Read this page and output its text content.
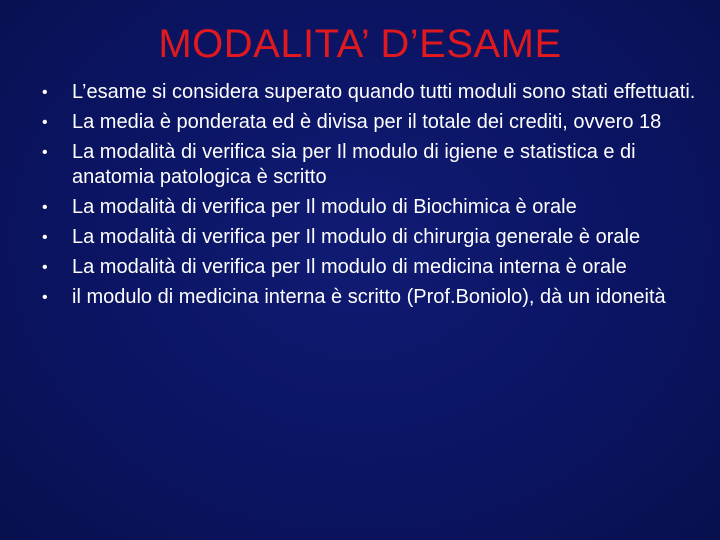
MODALITA’ D’ESAME
• L’esame si considera superato quando tutti moduli sono stati effettuati.
• La media è ponderata ed è divisa per il totale dei crediti, ovvero 18
• La modalità di verifica sia per Il modulo di igiene e statistica e di anatomia patologica è scritto
• La modalità di verifica per Il modulo di Biochimica è orale
• La modalità di verifica per Il modulo di chirurgia generale è orale
• La modalità di verifica per Il modulo di medicina interna è orale
• il modulo di medicina interna è scritto (Prof.Boniolo), dà un idoneità
